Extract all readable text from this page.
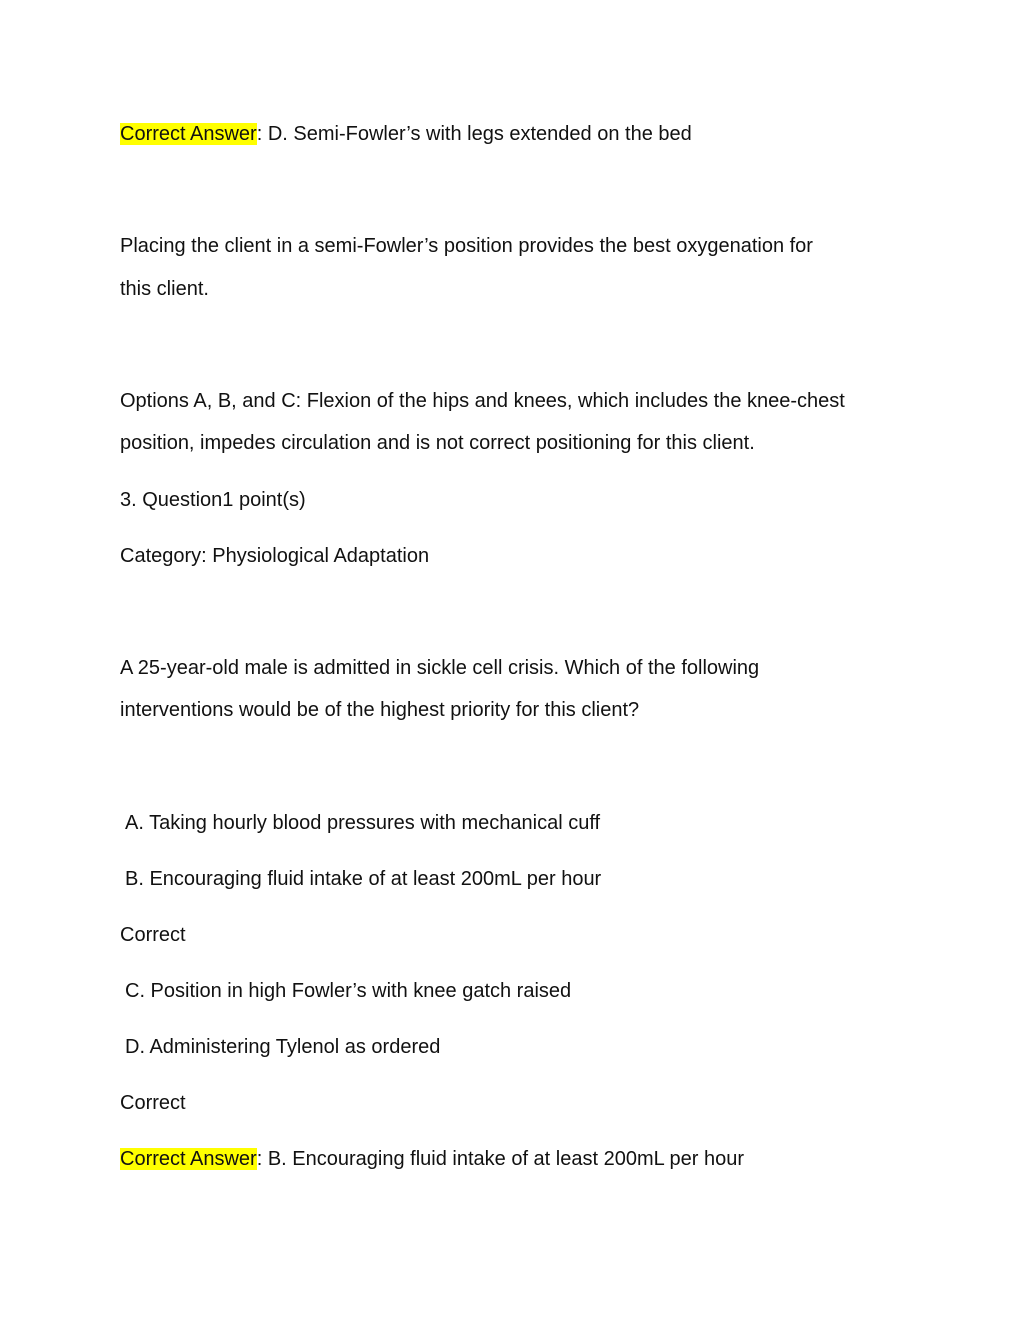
Correct Answer: D. Semi-Fowler’s with legs extended on the bed
Placing the client in a semi-Fowler’s position provides the best oxygenation for
this client.
Options A, B, and C: Flexion of the hips and knees, which includes the knee-chest
position, impedes circulation and is not correct positioning for this client.
3. Question1 point(s)
Category: Physiological Adaptation
A 25-year-old male is admitted in sickle cell crisis. Which of the following
interventions would be of the highest priority for this client?
A. Taking hourly blood pressures with mechanical cuff
B. Encouraging fluid intake of at least 200mL per hour
Correct
C. Position in high Fowler’s with knee gatch raised
D. Administering Tylenol as ordered
Correct
Correct Answer: B. Encouraging fluid intake of at least 200mL per hour
